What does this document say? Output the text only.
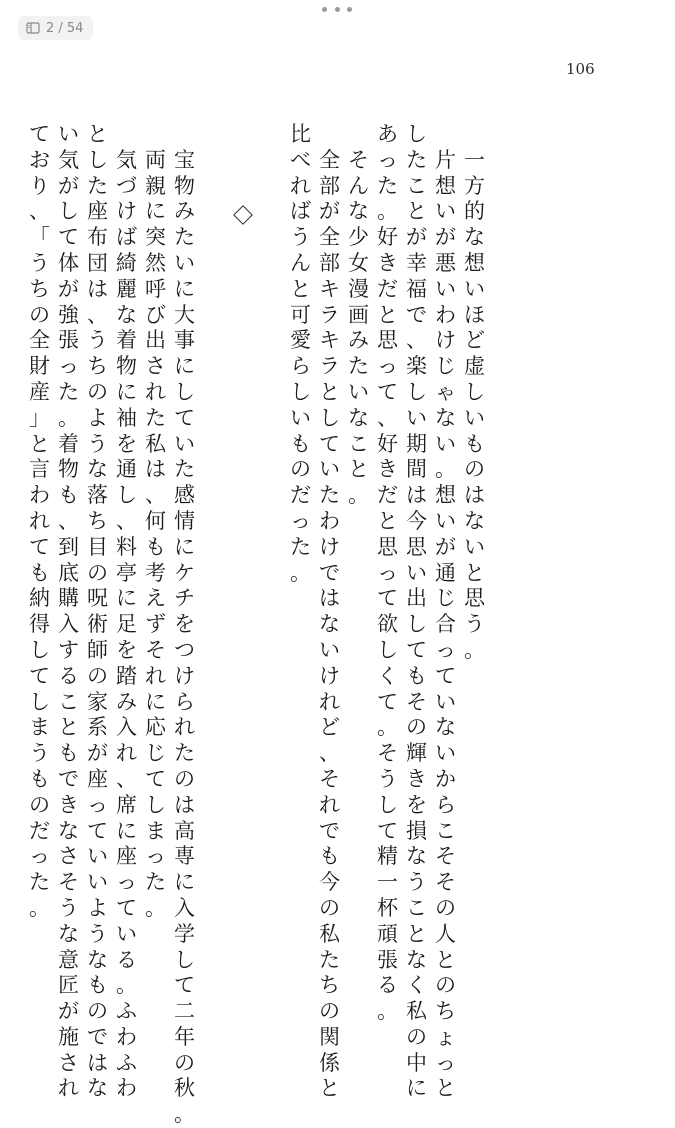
2 / 54
106
一
方
的
な
想
い
ほ
ど
虚
し
い
も
の
は
な
い
と
思
う
。
片
想
い
が
悪
い
わ
け
じ
ゃ
な
い
。
想
い
が
通
じ
合
っ
て
い
な
い
か
ら
こ
そ
そ
の
人
と
の
ち
ょ
っ
と
し
た
こ
と
が
幸
福
で
、
楽
し
い
期
間
は
今
思
い
出
し
て
も
そ
の
輝
き
を
損
な
う
こ
と
な
く
私
の
中
に
あ
っ
た
。
好
き
だ
と
思
っ
て
、
好
き
だ
と
思
っ
て
欲
し
く
て
。
そ
う
し
て
精
一
杯
頑
張
る
。
そ
ん
な
少
女
漫
画
み
た
い
な
こ
と
。
全
部
が
全
部
キ
ラ
キ
ラ
と
し
て
い
た
わ
け
で
は
な
い
け
れ
ど
、
そ
れ
で
も
今
の
私
た
ち
の
関
係
と
比
べ
れ
ば
う
ん
と
可
愛
ら
し
い
も
の
だ
っ
た
。
宝
物
み
た
い
に
大
事
に
し
て
い
た
感
情
に
ケ
チ
を
つ
け
ら
れ
た
の
は
高
専
に
入
学
し
て
二
年
の
秋
。
両
親
に
突
然
呼
び
出
さ
れ
た
私
は
、
何
も
考
え
ず
そ
れ
に
応
じ
て
し
ま
っ
た
。
気
づ
け
ば
綺
麗
な
着
物
に
袖
を
通
し
、
料
亭
に
足
を
踏
み
入
れ
、
席
に
座
っ
て
い
る
。
ふ
わ
ふ
わ
と
し
た
座
布
団
は
、
う
ち
の
よ
う
な
落
ち
目
の
呪
術
師
の
家
系
が
座
っ
て
い
い
よ
う
な
も
の
で
は
な
い
気
が
し
て
体
が
強
張
っ
た
。
着
物
も
、
到
底
購
入
す
る
こ
と
も
で
き
な
さ
そ
う
な
意
匠
が
施
さ
れ
て
お
り
、
「
う
ち
の
全
財
産
」
と
言
わ
れ
て
も
納
得
し
て
し
ま
う
も
の
だ
っ
た
。
